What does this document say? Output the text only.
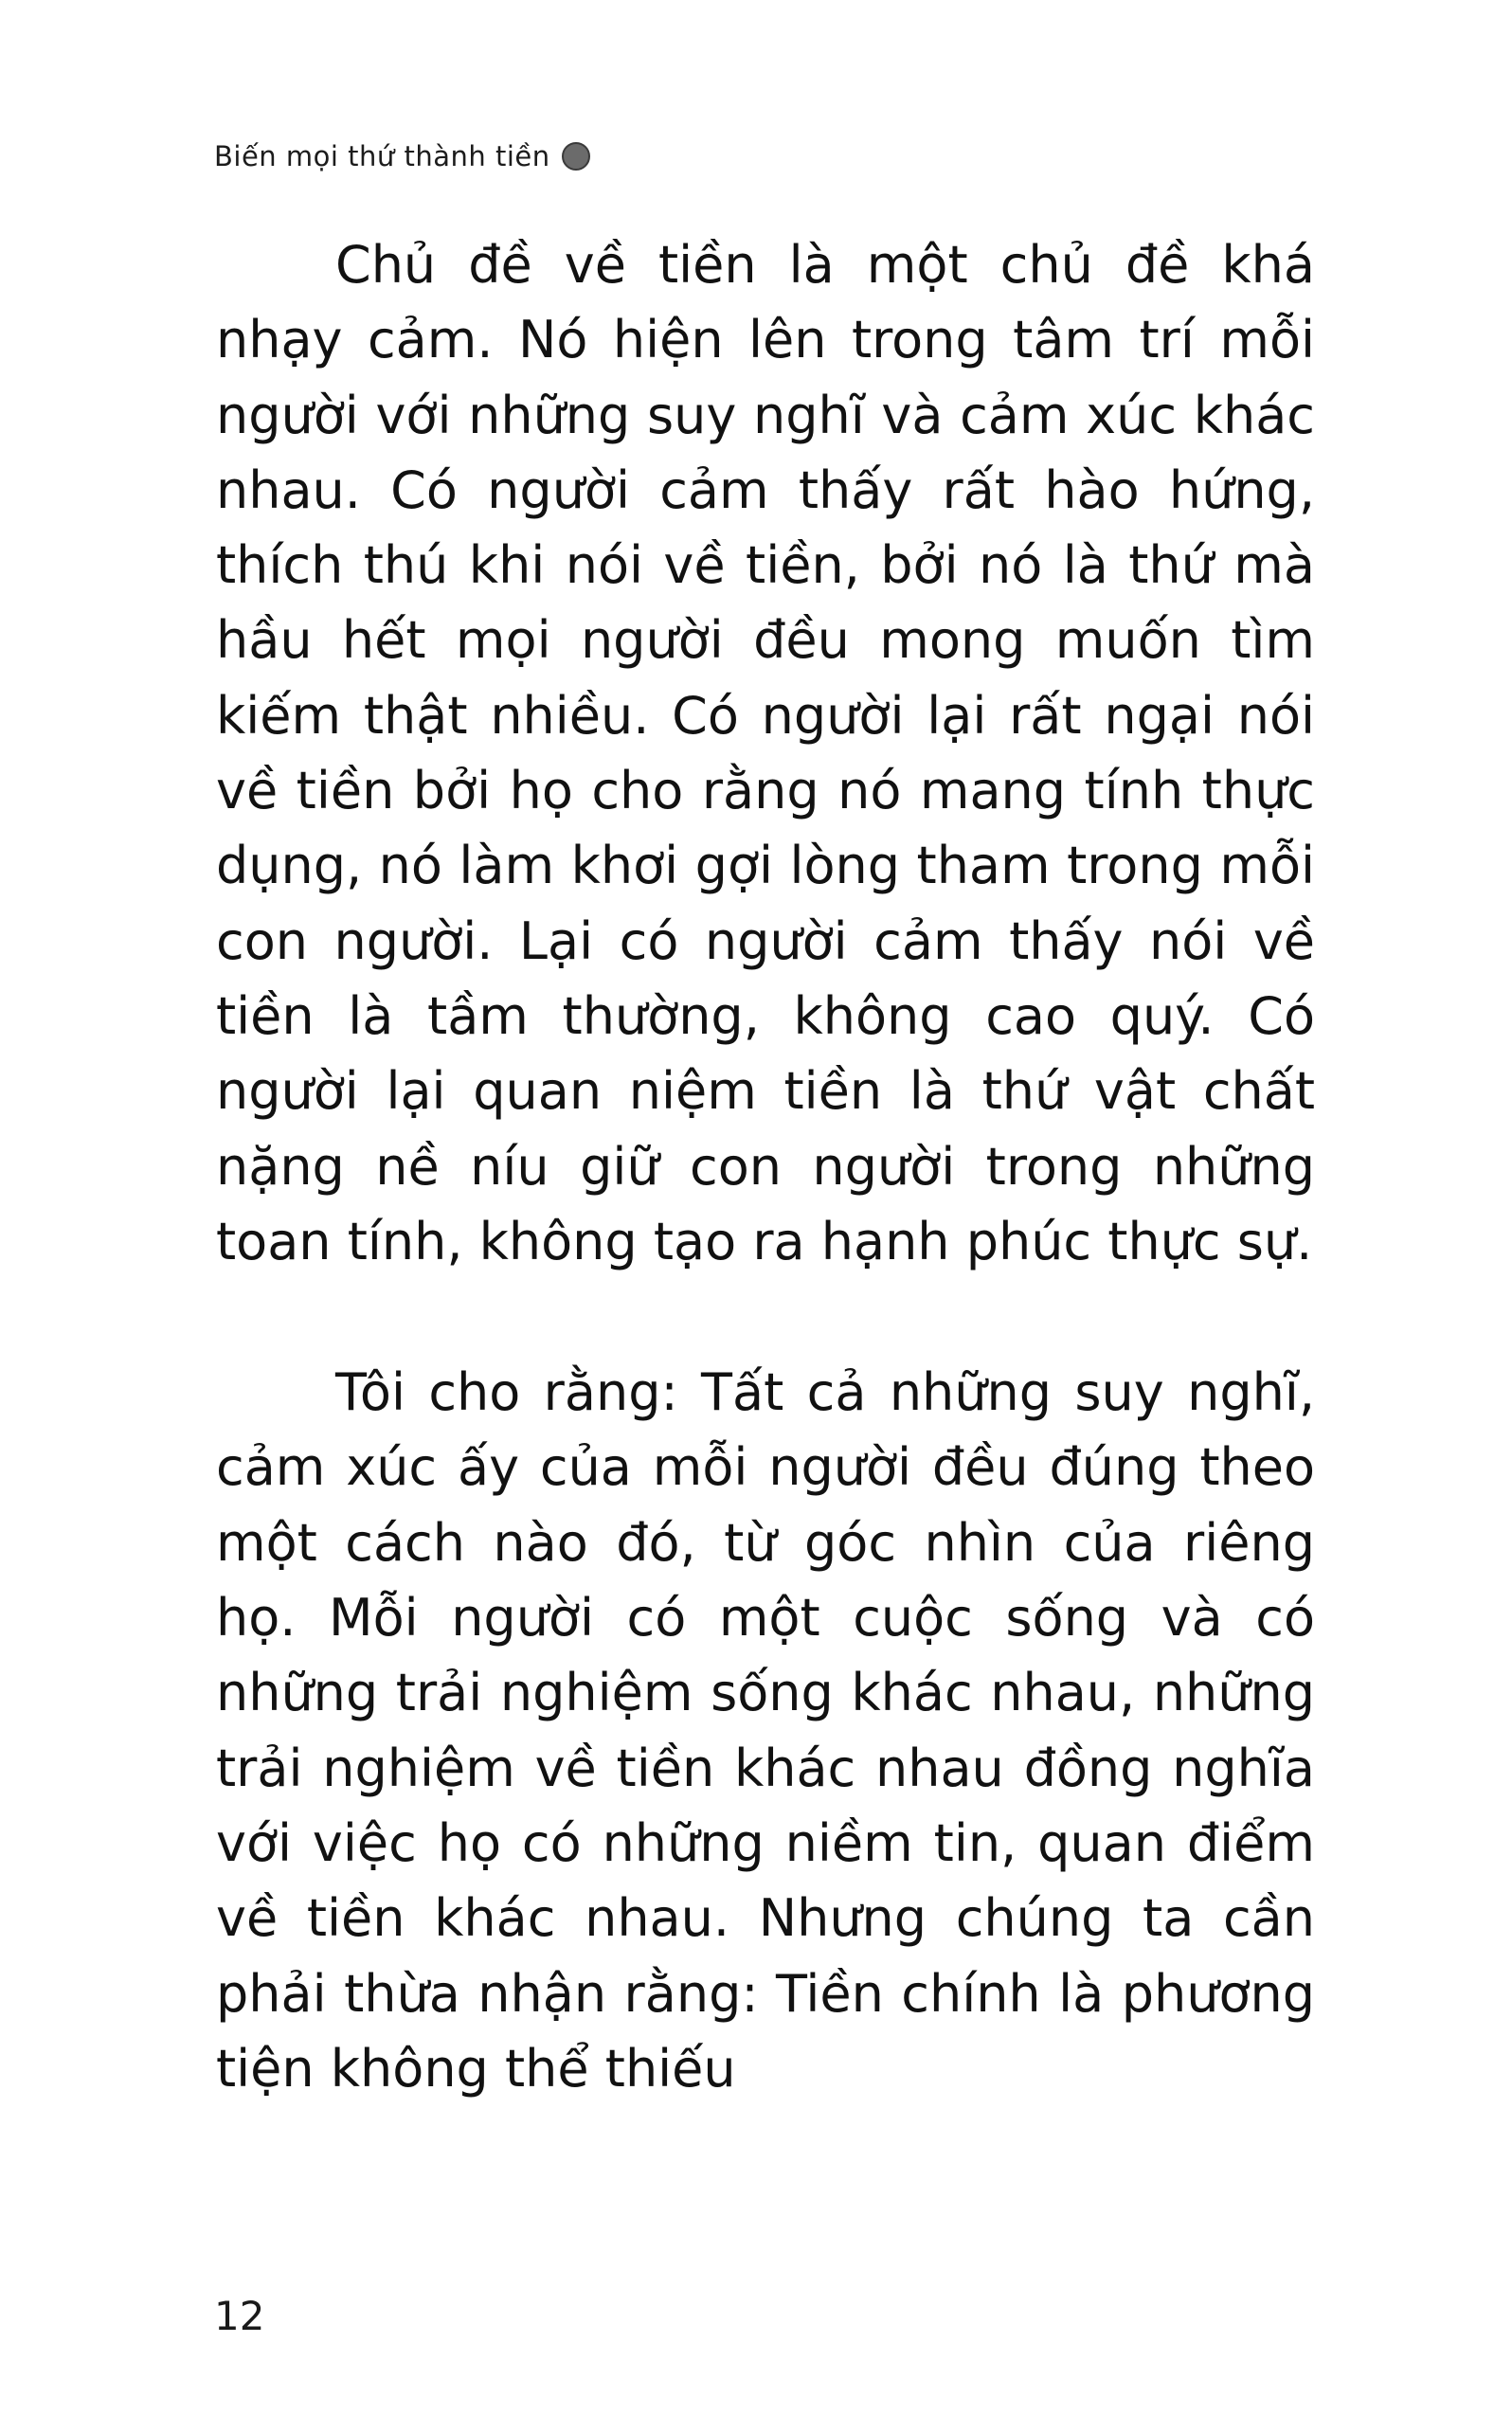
Biến mọi thứ thành tiền

Chủ đề về tiền là một chủ đề khá nhạy cảm. Nó hiện lên trong tâm trí mỗi người với những suy nghĩ và cảm xúc khác nhau. Có người cảm thấy rất hào hứng, thích thú khi nói về tiền, bởi nó là thứ mà hầu hết mọi người đều mong muốn tìm kiếm thật nhiều. Có người lại rất ngại nói về tiền bởi họ cho rằng nó mang tính thực dụng, nó làm khơi gợi lòng tham trong mỗi con người. Lại có người cảm thấy nói về tiền là tầm thường, không cao quý. Có người lại quan niệm tiền là thứ vật chất nặng nề níu giữ con người trong những toan tính, không tạo ra hạnh phúc thực sự.

Tôi cho rằng: Tất cả những suy nghĩ, cảm xúc ấy của mỗi người đều đúng theo một cách nào đó, từ góc nhìn của riêng họ. Mỗi người có một cuộc sống và có những trải nghiệm sống khác nhau, những trải nghiệm về tiền khác nhau đồng nghĩa với việc họ có những niềm tin, quan điểm về tiền khác nhau. Nhưng chúng ta cần phải thừa nhận rằng: Tiền chính là phương tiện không thể thiếu

12
